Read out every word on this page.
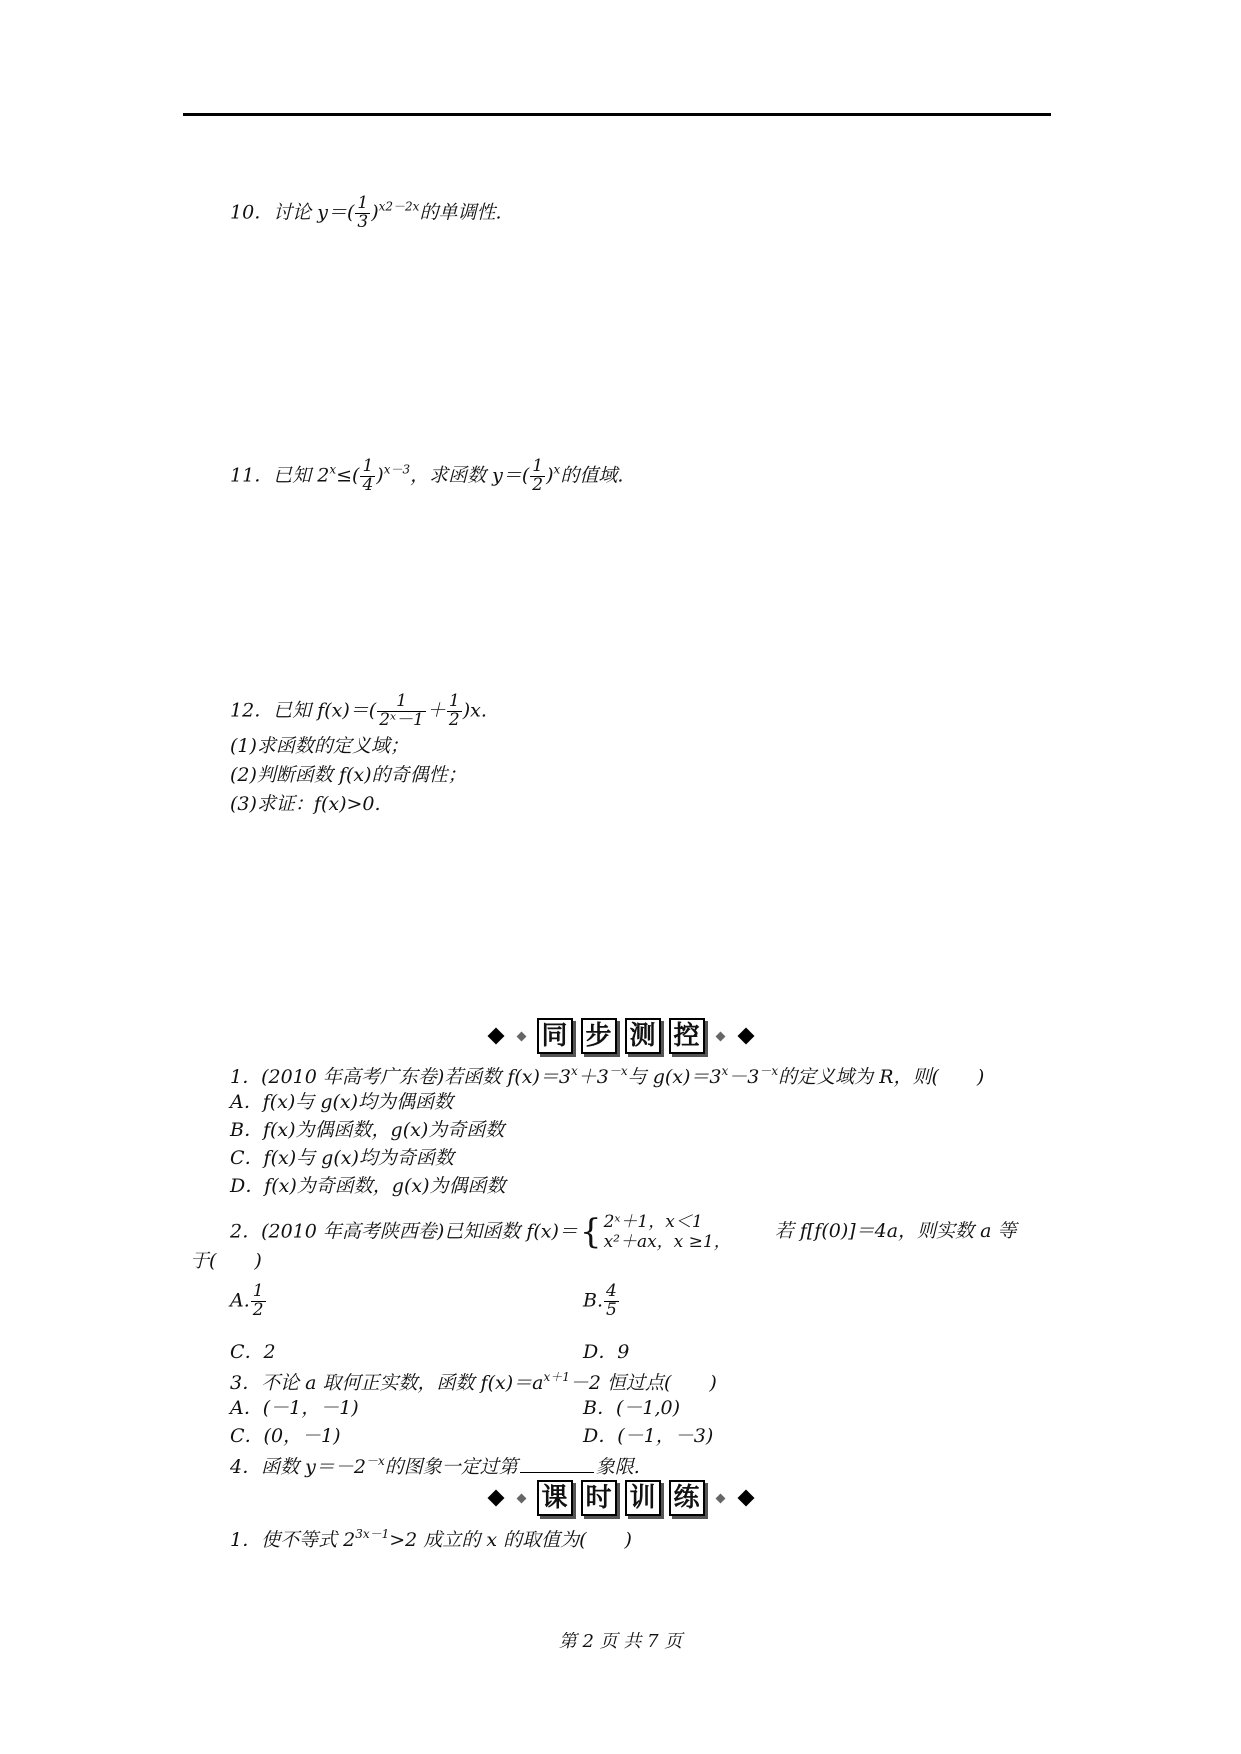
10．讨论 $y=( \frac{1}{3} )^{x2-2x}$的单调性.
11．已知 $2^x\le( \frac{1}{4} )^{x-3}$，求函数 $y=( \frac{1}{2} )^x$的值域.
12．已知 $f(x)=( \frac{1}{\text{2ˣ－1}} + \frac{1}{2} )x$.
(1)求函数的定义域；
(2)判断函数 f(x)的奇偶性；
(3)求证：f(x)>0.
同 步 测 控
1．(2010 年高考广东卷)若函数 $f(x)=3^x+3^{-x}$与 $g(x)=3^x-3^{-x}$的定义域为 R，则(　　)
A．f(x)与 g(x)均为偶函数
B．f(x)为偶函数，g(x)为奇函数
C．f(x)与 g(x)均为奇函数
D．f(x)为奇函数，g(x)为偶函数
2．(2010 年高考陕西卷)已知函数 f(x)＝{ 2ˣ＋1，x＜1
x²＋ax，x ≥1， 若 f[f(0)]＝4a，则实数 a 等
于(　　)
A. $\frac{1}{2}$	B. $\frac{4}{5}$
C．2	D．9
3．不论 a 取何正实数，函数 $f(x)=a^{x+1}-2$ 恒过点(　　)
A．(－1，－1)	B．(－1,0)
C．(0，－1)	D．(－1，－3)
4．函数 $y=-2^{-x}$的图象一定过第	象限.
课 时 训 练
1．使不等式 $2^{3x-1}>2$ 成立的 x 的取值为(　　)
第 2 页 共 7 页
